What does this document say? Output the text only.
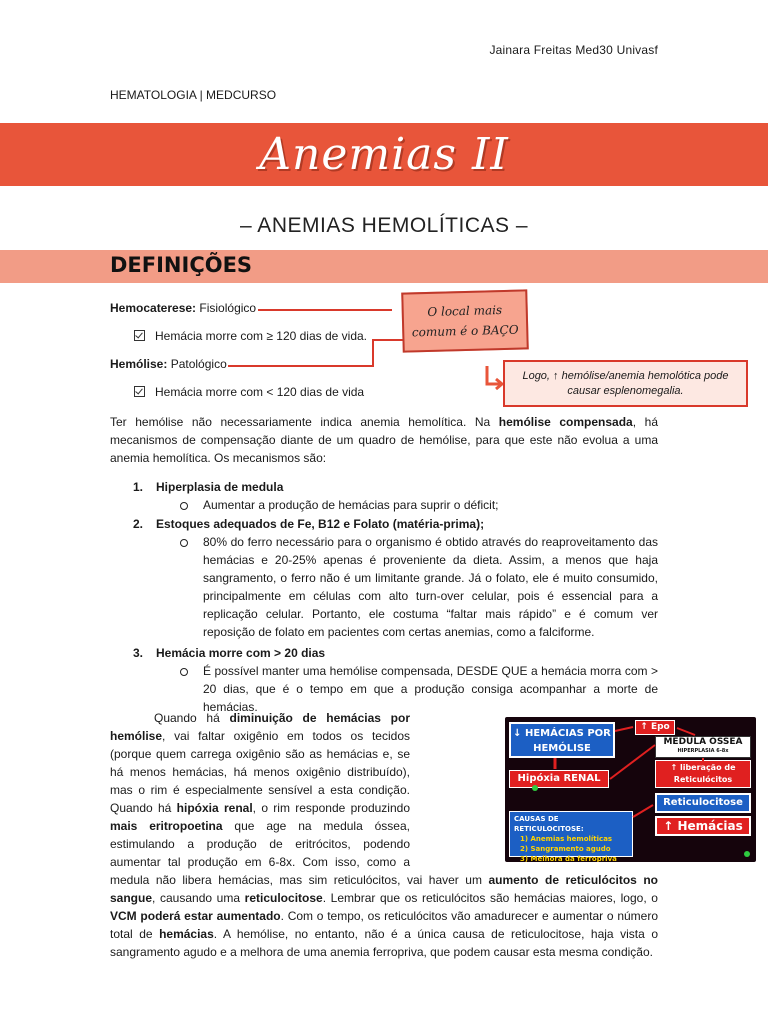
Jainara Freitas Med30 Univasf
HEMATOLOGIA | MEDCURSO
Anemias II
– ANEMIAS HEMOLÍTICAS –
DEFINIÇÕES
Hemocaterese: Fisiológico
Hemácia morre com ≥ 120 dias de vida.
Hemólise: Patológico
Hemácia morre com < 120 dias de vida
O local mais
comum é o BAÇO
Logo, ↑ hemólise/anemia hemolótica pode causar esplenomegalia.
Ter hemólise não necessariamente indica anemia hemolítica. Na hemólise compensada, há mecanismos de compensação diante de um quadro de hemólise, para que este não evolua a uma anemia hemolítica. Os mecanismos são:
1. Hiperplasia de medula
Aumentar a produção de hemácias para suprir o déficit;
2. Estoques adequados de Fe, B12 e Folato (matéria-prima);
80% do ferro necessário para o organismo é obtido através do reaproveitamento das hemácias e 20-25% apenas é proveniente da dieta. Assim, a menos que haja sangramento, o ferro não é um limitante grande. Já o folato, ele é muito consumido, principalmente em células com alto turn-over celular, pois é essencial para a replicação celular. Portanto, ele costuma “faltar mais rápido” e é comum ver reposição de folato em pacientes com certas anemias, como a falciforme.
3. Hemácia morre com > 20 dias
É possível manter uma hemólise compensada, DESDE QUE a hemácia morra com > 20 dias, que é o tempo em que a produção consiga acompanhar a morte de hemácias.
Quando há diminuição de hemácias por hemólise, vai faltar oxigênio em todos os tecidos (porque quem carrega oxigênio são as hemácias e, se há menos hemácias, há menos oxigênio distribuído), mas o rim é especialmente sensível a esta condição. Quando há hipóxia renal, o rim responde produzindo mais eritropoetina que age na medula óssea, estimulando a produção de eritrócitos, podendo aumentar tal produção em 6-8x. Com isso, como a medula não libera hemácias, mas sim reticulócitos, vai haver um aumento de reticulócitos no sangue, causando uma reticulocitose. Lembrar que os reticulócitos são hemácias maiores, logo, o VCM poderá estar aumentado. Com o tempo, os reticulócitos vão amadurecer e aumentar o número total de hemácias. A hemólise, no entanto, não é a única causa de reticulocitose, haja vista o sangramento agudo e a melhora de uma anemia ferropriva, que podem causar esta mesma condição.
↓ HEMÁCIAS POR HEMÓLISE
↑ Epo
MEDULA ÓSSEA
HIPERPLASIA 6-8x
Hipóxia RENAL
↑ liberação de Reticulócitos
Reticulocitose
CAUSAS DE RETICULOCITOSE:
1) Anemias hemolíticas
2) Sangramento agudo
3) Melhora da ferropriva
↑ Hemácias
